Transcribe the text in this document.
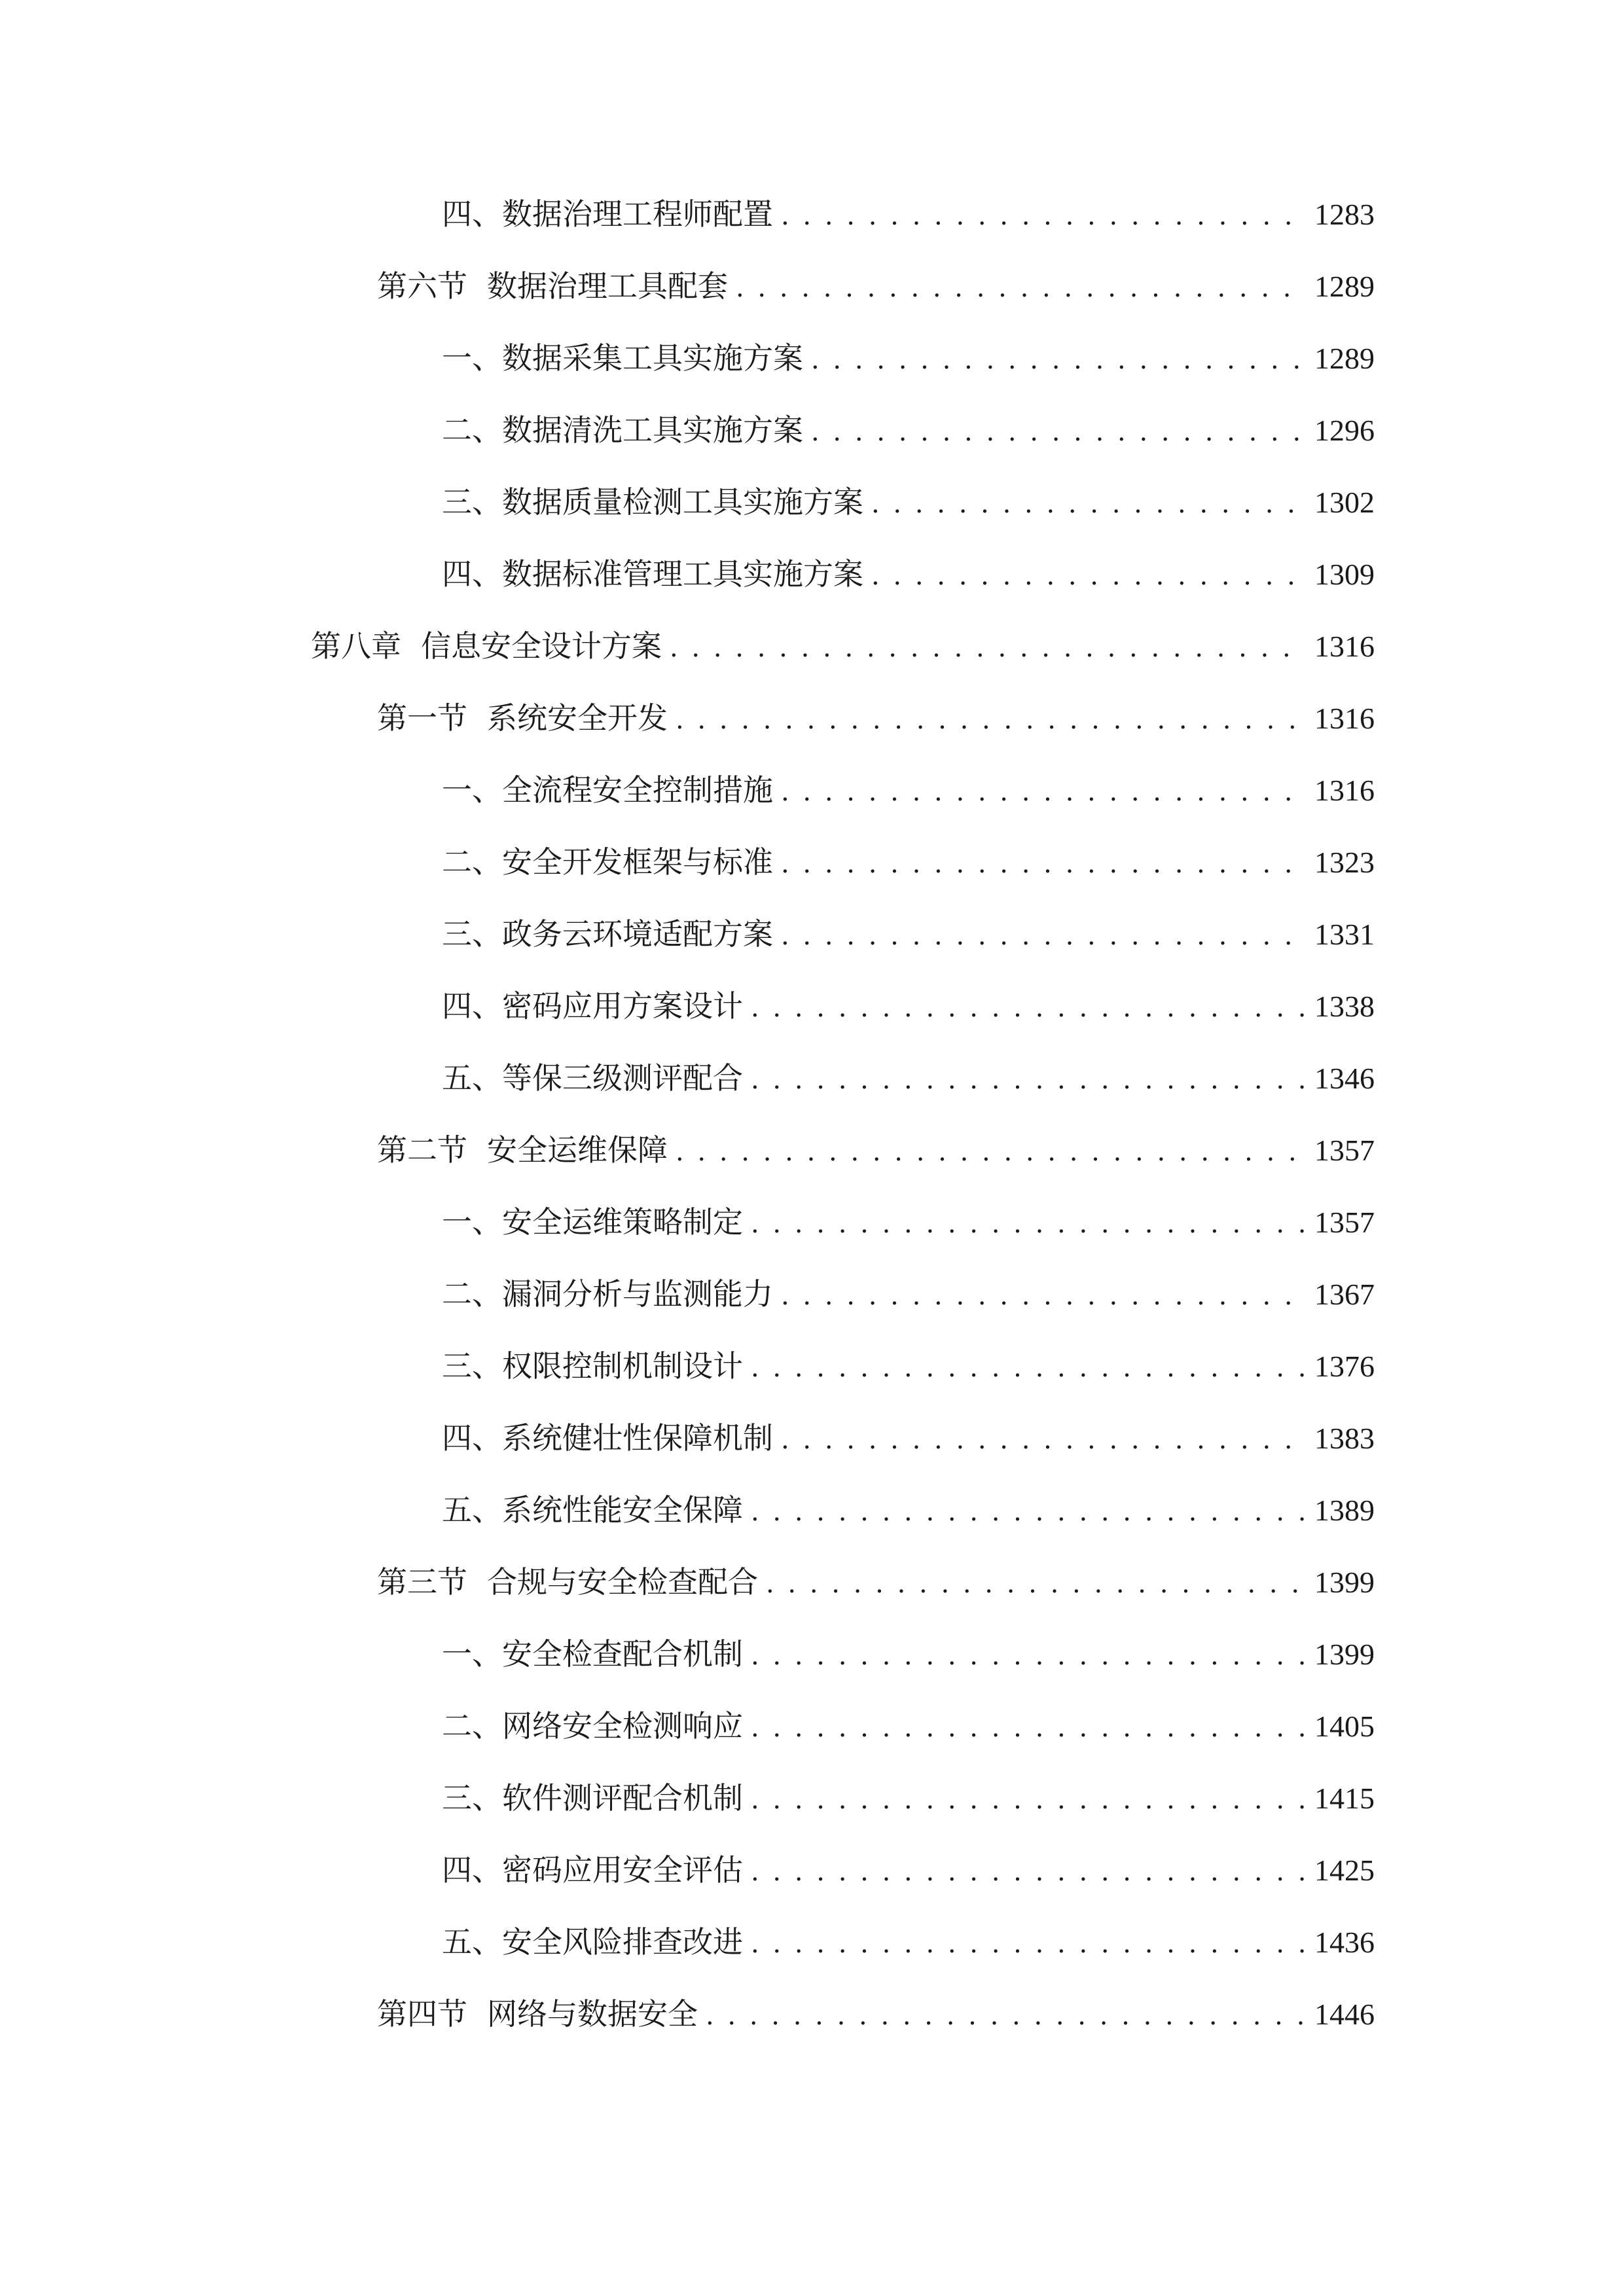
四、 数据治理工程师配置 . . .	1283
第六节 数据治理工具配套 . . .	1289
一、 数据采集工具实施方案 . . .	1289
二、 数据清洗工具实施方案 . . .	1296
三、 数据质量检测工具实施方案 . . .	1302
四、 数据标准管理工具实施方案 . . .	1309
第八章 信息安全设计方案 . . .	1316
第一节 系统安全开发 . . .	1316
一、 全流程安全控制措施 . . .	1316
二、 安全开发框架与标准 . . .	1323
三、 政务云环境适配方案 . . .	1331
四、 密码应用方案设计 . . .	1338
五、 等保三级测评配合 . . .	1346
第二节 安全运维保障 . . .	1357
一、 安全运维策略制定 . . .	1357
二、 漏洞分析与监测能力 . . .	1367
三、 权限控制机制设计 . . .	1376
四、 系统健壮性保障机制 . . .	1383
五、 系统性能安全保障 . . .	1389
第三节 合规与安全检查配合 . . .	1399
一、 安全检查配合机制 . . .	1399
二、 网络安全检测响应 . . .	1405
三、 软件测评配合机制 . . .	1415
四、 密码应用安全评估 . . .	1425
五、 安全风险排查改进 . . .	1436
第四节 网络与数据安全 . . .	1446
